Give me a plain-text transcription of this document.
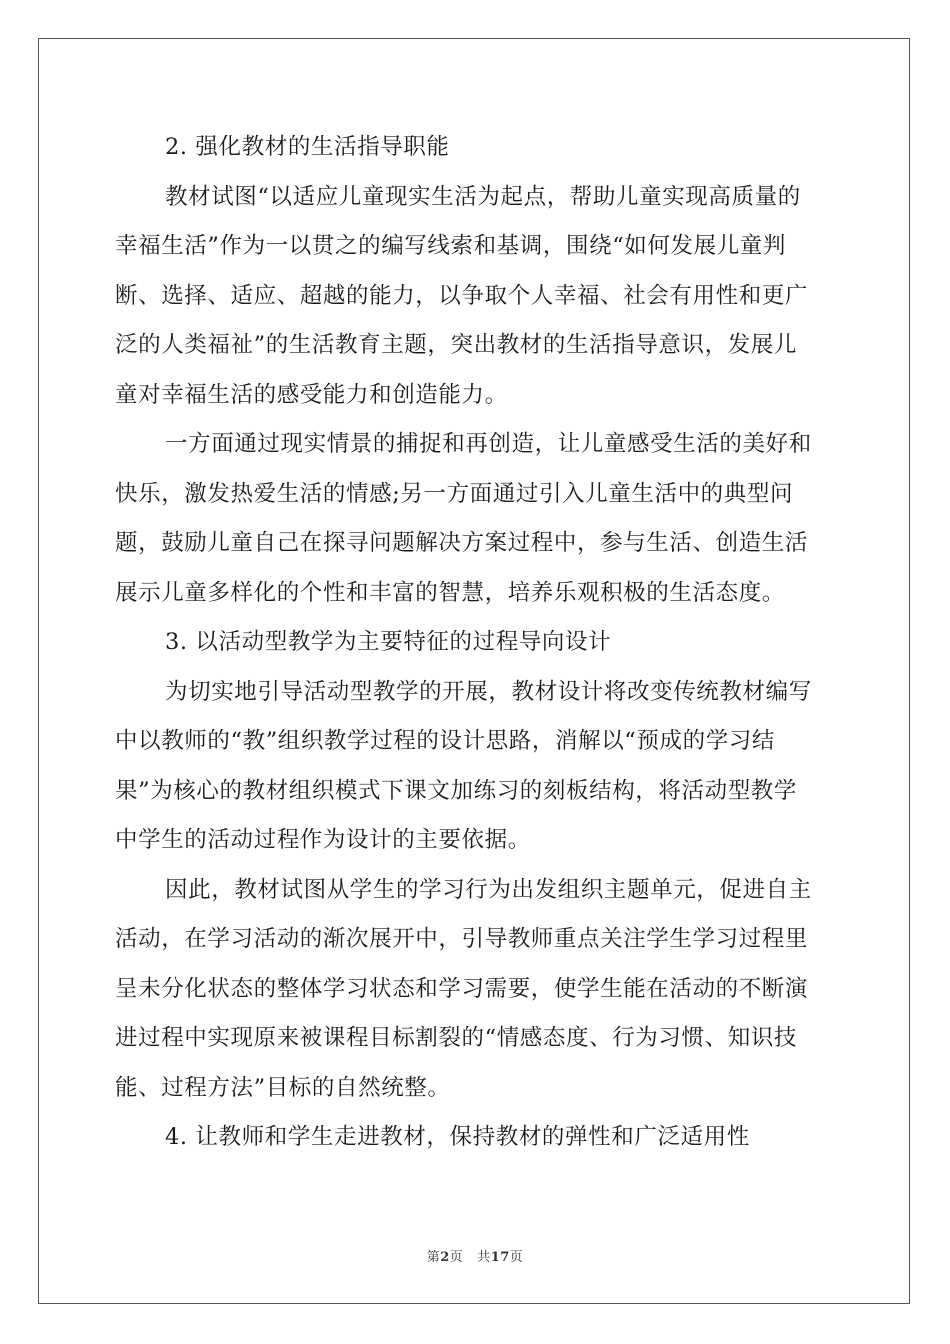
2. 强化教材的生活指导职能
教材试图“以适应儿童现实生活为起点，帮助儿童实现高质量的
幸福生活”作为一以贯之的编写线索和基调，围绕“如何发展儿童判
断、选择、适应、超越的能力，以争取个人幸福、社会有用性和更广
泛的人类福祉”的生活教育主题，突出教材的生活指导意识，发展儿
童对幸福生活的感受能力和创造能力。
一方面通过现实情景的捕捉和再创造，让儿童感受生活的美好和
快乐，激发热爱生活的情感;另一方面通过引入儿童生活中的典型问
题，鼓励儿童自己在探寻问题解决方案过程中，参与生活、创造生活
展示儿童多样化的个性和丰富的智慧，培养乐观积极的生活态度。
3. 以活动型教学为主要特征的过程导向设计
为切实地引导活动型教学的开展，教材设计将改变传统教材编写
中以教师的“教”组织教学过程的设计思路，消解以“预成的学习结
果”为核心的教材组织模式下课文加练习的刻板结构，将活动型教学
中学生的活动过程作为设计的主要依据。
因此，教材试图从学生的学习行为出发组织主题单元，促进自主
活动，在学习活动的渐次展开中，引导教师重点关注学生学习过程里
呈未分化状态的整体学习状态和学习需要，使学生能在活动的不断演
进过程中实现原来被课程目标割裂的“情感态度、行为习惯、知识技
能、过程方法”目标的自然统整。
4. 让教师和学生走进教材，保持教材的弹性和广泛适用性
第2页 共17页
